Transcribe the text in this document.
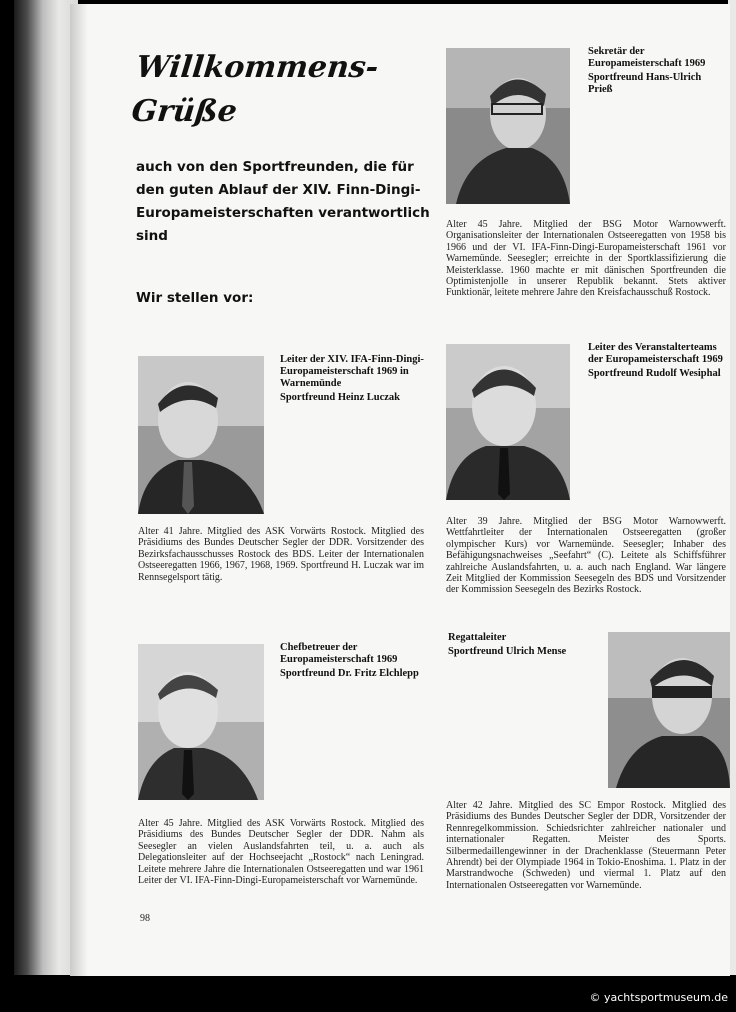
Willkommens-
Grüße
auch von den Sportfreunden, die für den guten Ablauf der XIV. Finn-Dingi-Europameisterschaften verantwortlich sind
Wir stellen vor:
Sekretär der Europameisterschaft 1969
Sportfreund Hans-Ulrich Prieß
Alter 45 Jahre. Mitglied der BSG Motor Warnowwerft. Organisationsleiter der Internationalen Ostseeregatten von 1958 bis 1966 und der VI. IFA-Finn-Dingi-Europameisterschaft 1961 vor Warnemünde. Seesegler; erreichte in der Sportklassifizierung die Meisterklasse. 1960 machte er mit dänischen Sportfreunden die Optimistenjolle in unserer Republik bekannt. Stets aktiver Funktionär, leitete mehrere Jahre den Kreisfachausschuß Rostock.
Leiter der XIV. IFA-Finn-Dingi-Europameisterschaft 1969 in Warnemünde
Sportfreund Heinz Luczak
Alter 41 Jahre. Mitglied des ASK Vorwärts Rostock. Mitglied des Präsidiums des Bundes Deutscher Segler der DDR. Vorsitzender des Bezirksfachausschusses Rostock des BDS. Leiter der Internationalen Ostseeregatten 1966, 1967, 1968, 1969. Sportfreund H. Luczak war im Rennsegelsport tätig.
Leiter des Veranstalterteams der Europameisterschaft 1969
Sportfreund Rudolf Wesiphal
Alter 39 Jahre. Mitglied der BSG Motor Warnowwerft. Wettfahrtleiter der Internationalen Ostseeregatten (großer olympischer Kurs) vor Warnemünde. Seesegler; Inhaber des Befähigungsnachweises „Seefahrt“ (C). Leitete als Schiffsführer zahlreiche Auslandsfahrten, u. a. auch nach England. War längere Zeit Mitglied der Kommission Seesegeln des BDS und Vorsitzender der Kommission Seesegeln des Bezirks Rostock.
Chefbetreuer der Europameisterschaft 1969
Sportfreund Dr. Fritz Elchlepp
Alter 45 Jahre. Mitglied des ASK Vorwärts Rostock. Mitglied des Präsidiums des Bundes Deutscher Segler der DDR. Nahm als Seesegler an vielen Auslandsfahrten teil, u. a. auch als Delegationsleiter auf der Hochseejacht „Rostock“ nach Leningrad. Leitete mehrere Jahre die Internationalen Ostseeregatten und war 1961 Leiter der VI. IFA-Finn-Dingi-Europameisterschaft vor Warnemünde.
Regattaleiter
Sportfreund Ulrich Mense
Alter 42 Jahre. Mitglied des SC Empor Rostock. Mitglied des Präsidiums des Bundes Deutscher Segler der DDR, Vorsitzender der Rennregelkommission. Schiedsrichter zahlreicher nationaler und internationaler Regatten. Meister des Sports. Silbermedaillengewinner in der Drachenklasse (Steuermann Peter Ahrendt) bei der Olympiade 1964 in Tokio-Enoshima. 1. Platz in der Marstrandwoche (Schweden) und viermal 1. Platz auf den Internationalen Ostseeregatten vor Warnemünde.
98
© yachtsportmuseum.de
